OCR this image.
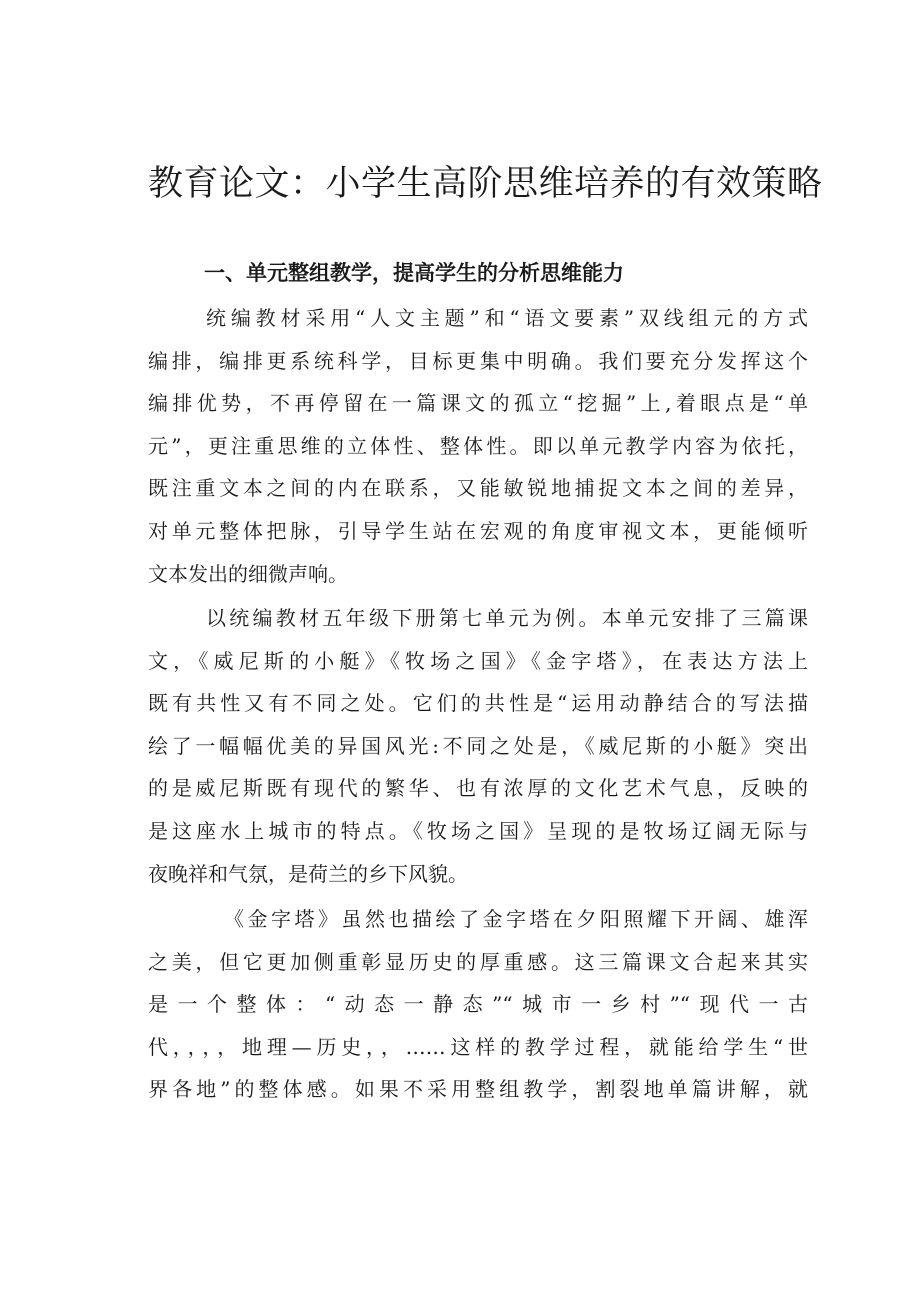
教育论文：小学生高阶思维培养的有效策略
一、单元整组教学，提高学生的分析思维能力
统编教材采用“人文主题”和“语文要素”双线组元的方式
编排，编排更系统科学，目标更集中明确。我们要充分发挥这个
编排优势，不再停留在一篇课文的孤立“挖掘”上,着眼点是“单
元”，更注重思维的立体性、整体性。即以单元教学内容为依托，
既注重文本之间的内在联系，又能敏锐地捕捉文本之间的差异，
对单元整体把脉，引导学生站在宏观的角度审视文本，更能倾听
文本发出的细微声响。
以统编教材五年级下册第七单元为例。本单元安排了三篇课
文，《威尼斯的小艇》《牧场之国》《金字塔》，在表达方法上
既有共性又有不同之处。它们的共性是“运用动静结合的写法描
绘了一幅幅优美的异国风光:不同之处是，《威尼斯的小艇》突出
的是威尼斯既有现代的繁华、也有浓厚的文化艺术气息，反映的
是这座水上城市的特点。《牧场之国》呈现的是牧场辽阔无际与
夜晚祥和气氛，是荷兰的乡下风貌。
《金字塔》虽然也描绘了金字塔在夕阳照耀下开阔、雄浑
之美，但它更加侧重彰显历史的厚重感。这三篇课文合起来其实
是一个整体：“动态一静态”“城市一乡村”“现代一古
代，，，，地理—历史，，……这样的教学过程，就能给学生“世
界各地”的整体感。如果不采用整组教学，割裂地单篇讲解，就
